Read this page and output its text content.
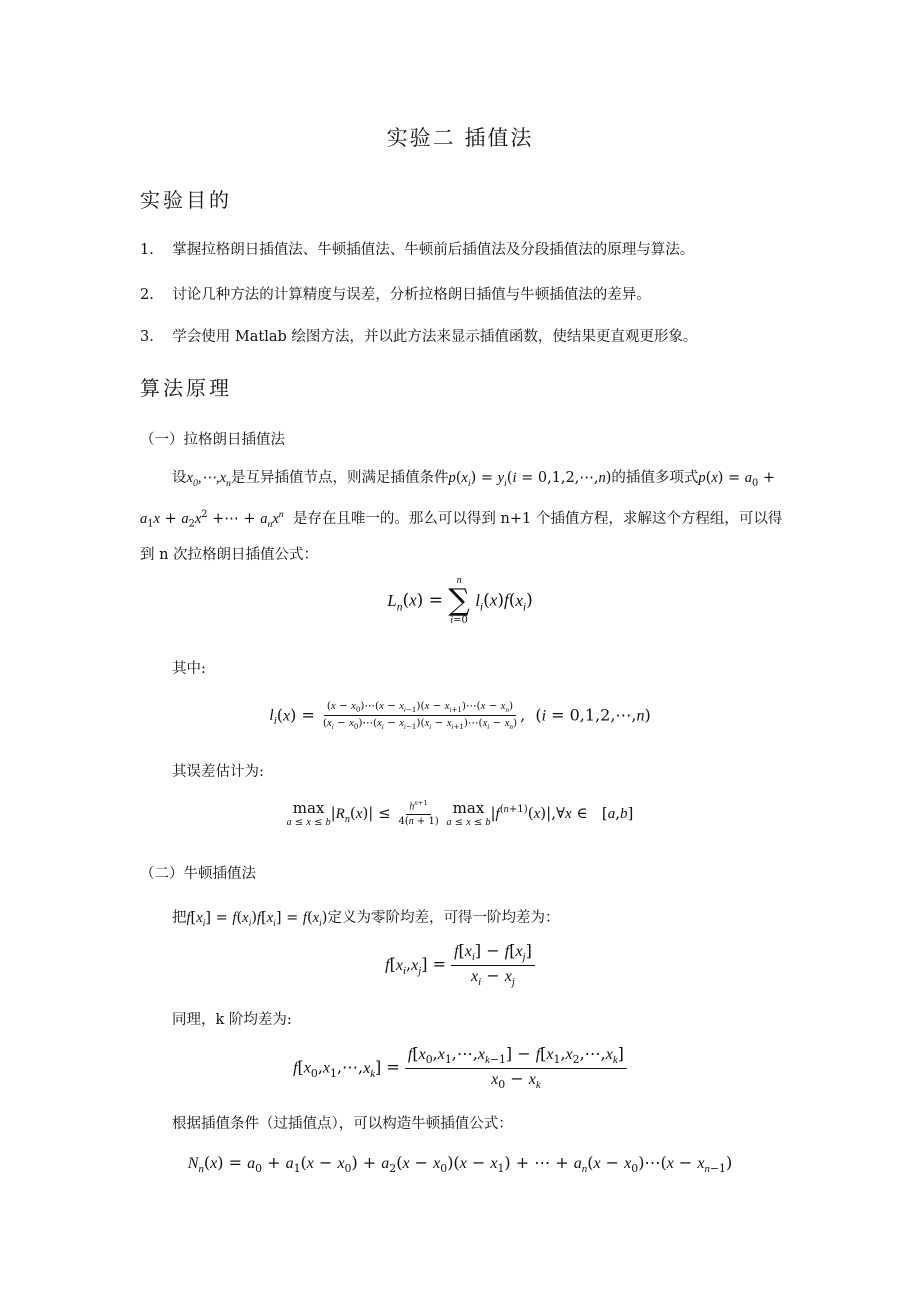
实验二 插值法
实验目的
1. 掌握拉格朗日插值法、牛顿插值法、牛顿前后插值法及分段插值法的原理与算法。
2. 讨论几种方法的计算精度与误差，分析拉格朗日插值与牛顿插值法的差异。
3. 学会使用 Matlab 绘图方法，并以此方法来显示插值函数，使结果更直观更形象。
算法原理
（一）拉格朗日插值法
设$x_0,\cdots,x_n$是互异插值节点，则满足插值条件$p(x_i) = y_i(i$ = 0,1,2,⋯,n)的插值多项式$p(x) = a_0 + a_1x + a_2x^2$ +⋯ + $a_nx^n$ 是存在且唯一的。那么可以得到 n+1 个插值方程，求解这个方程组，可以得到 n 次拉格朗日插值公式：
$L_n(x)$ =
n
∑
i=0
$l_i(x)f(x_i)$
其中:
$l_i(x) = \frac{(x - x_0)\cdots(x - x_{i-1})(x - x_{i+1})\cdots(x - x_n)}{(x_i - x_0)\cdots(x_i - x_{i-1})(x_i - x_{i+1})\cdots(x_i - x_n)}$ ,  (i = 0,1,2,⋯,n)
其误差估计为:
max
a ≤ x ≤ b
$|R_n(x)| \le \frac{h^{n+1}}{4(n + 1)}$
max
a ≤ x ≤ b
$|f^{(n+1)}(x)|,\forall x$ ∈   [a,b]
（二）牛顿插值法
把$f[x_i] = f(x_i)f[x_i] = f(x_i)$定义为零阶均差，可得一阶均差为：
$f[x_i,x_j] = \frac{f[x_i] - f[x_j]}{x_i - x_j}$
同理，k 阶均差为:
$f[x_0,x_1,\cdots,x_k] = \frac{f[x_0,x_1,\cdots,x_{k-1}] - f[x_1,x_2,\cdots,x_k]}{x_0 - x_k}$
根据插值条件（过插值点），可以构造牛顿插值公式：
$N_n(x) = a_0 + a_1(x - x_0) + a_2(x - x_0)(x - x_1)$ + ⋯ + $a_n(x$ − $x_0)\cdots(x - x_{n-1})$
